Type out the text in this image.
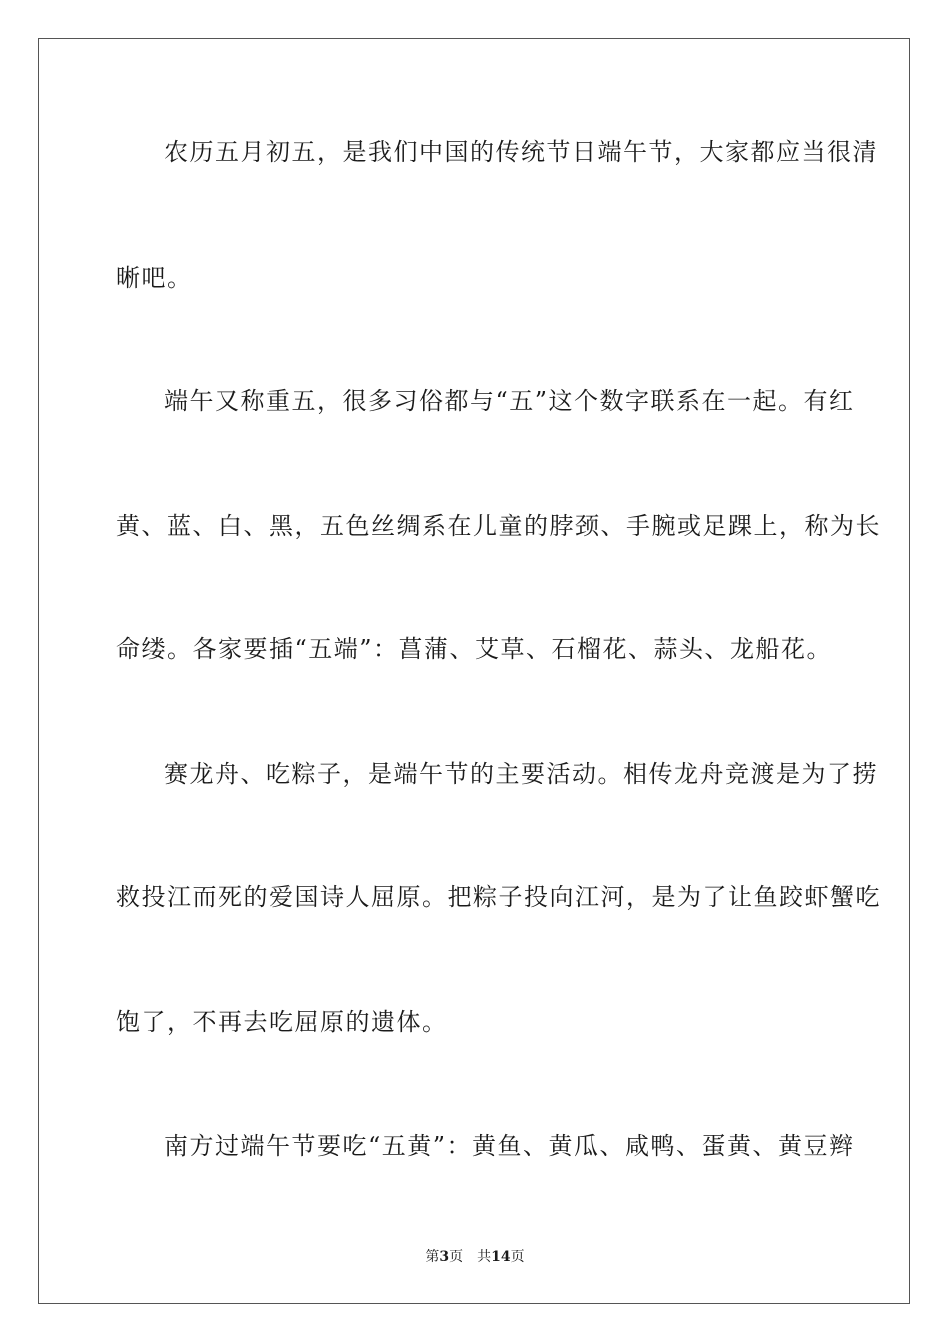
农历五月初五，是我们中国的传统节日端午节，大家都应当很清
晰吧。
端午又称重五，很多习俗都与“五”这个数字联系在一起。有红
黄、蓝、白、黑，五色丝绸系在儿童的脖颈、手腕或足踝上，称为长
命缕。各家要插“五端”：菖蒲、艾草、石榴花、蒜头、龙船花。
赛龙舟、吃粽子，是端午节的主要活动。相传龙舟竞渡是为了捞
救投江而死的爱国诗人屈原。把粽子投向江河，是为了让鱼跤虾蟹吃
饱了，不再去吃屈原的遗体。
南方过端午节要吃“五黄”：黄鱼、黄瓜、咸鸭、蛋黄、黄豆辫
第3页 共14页
